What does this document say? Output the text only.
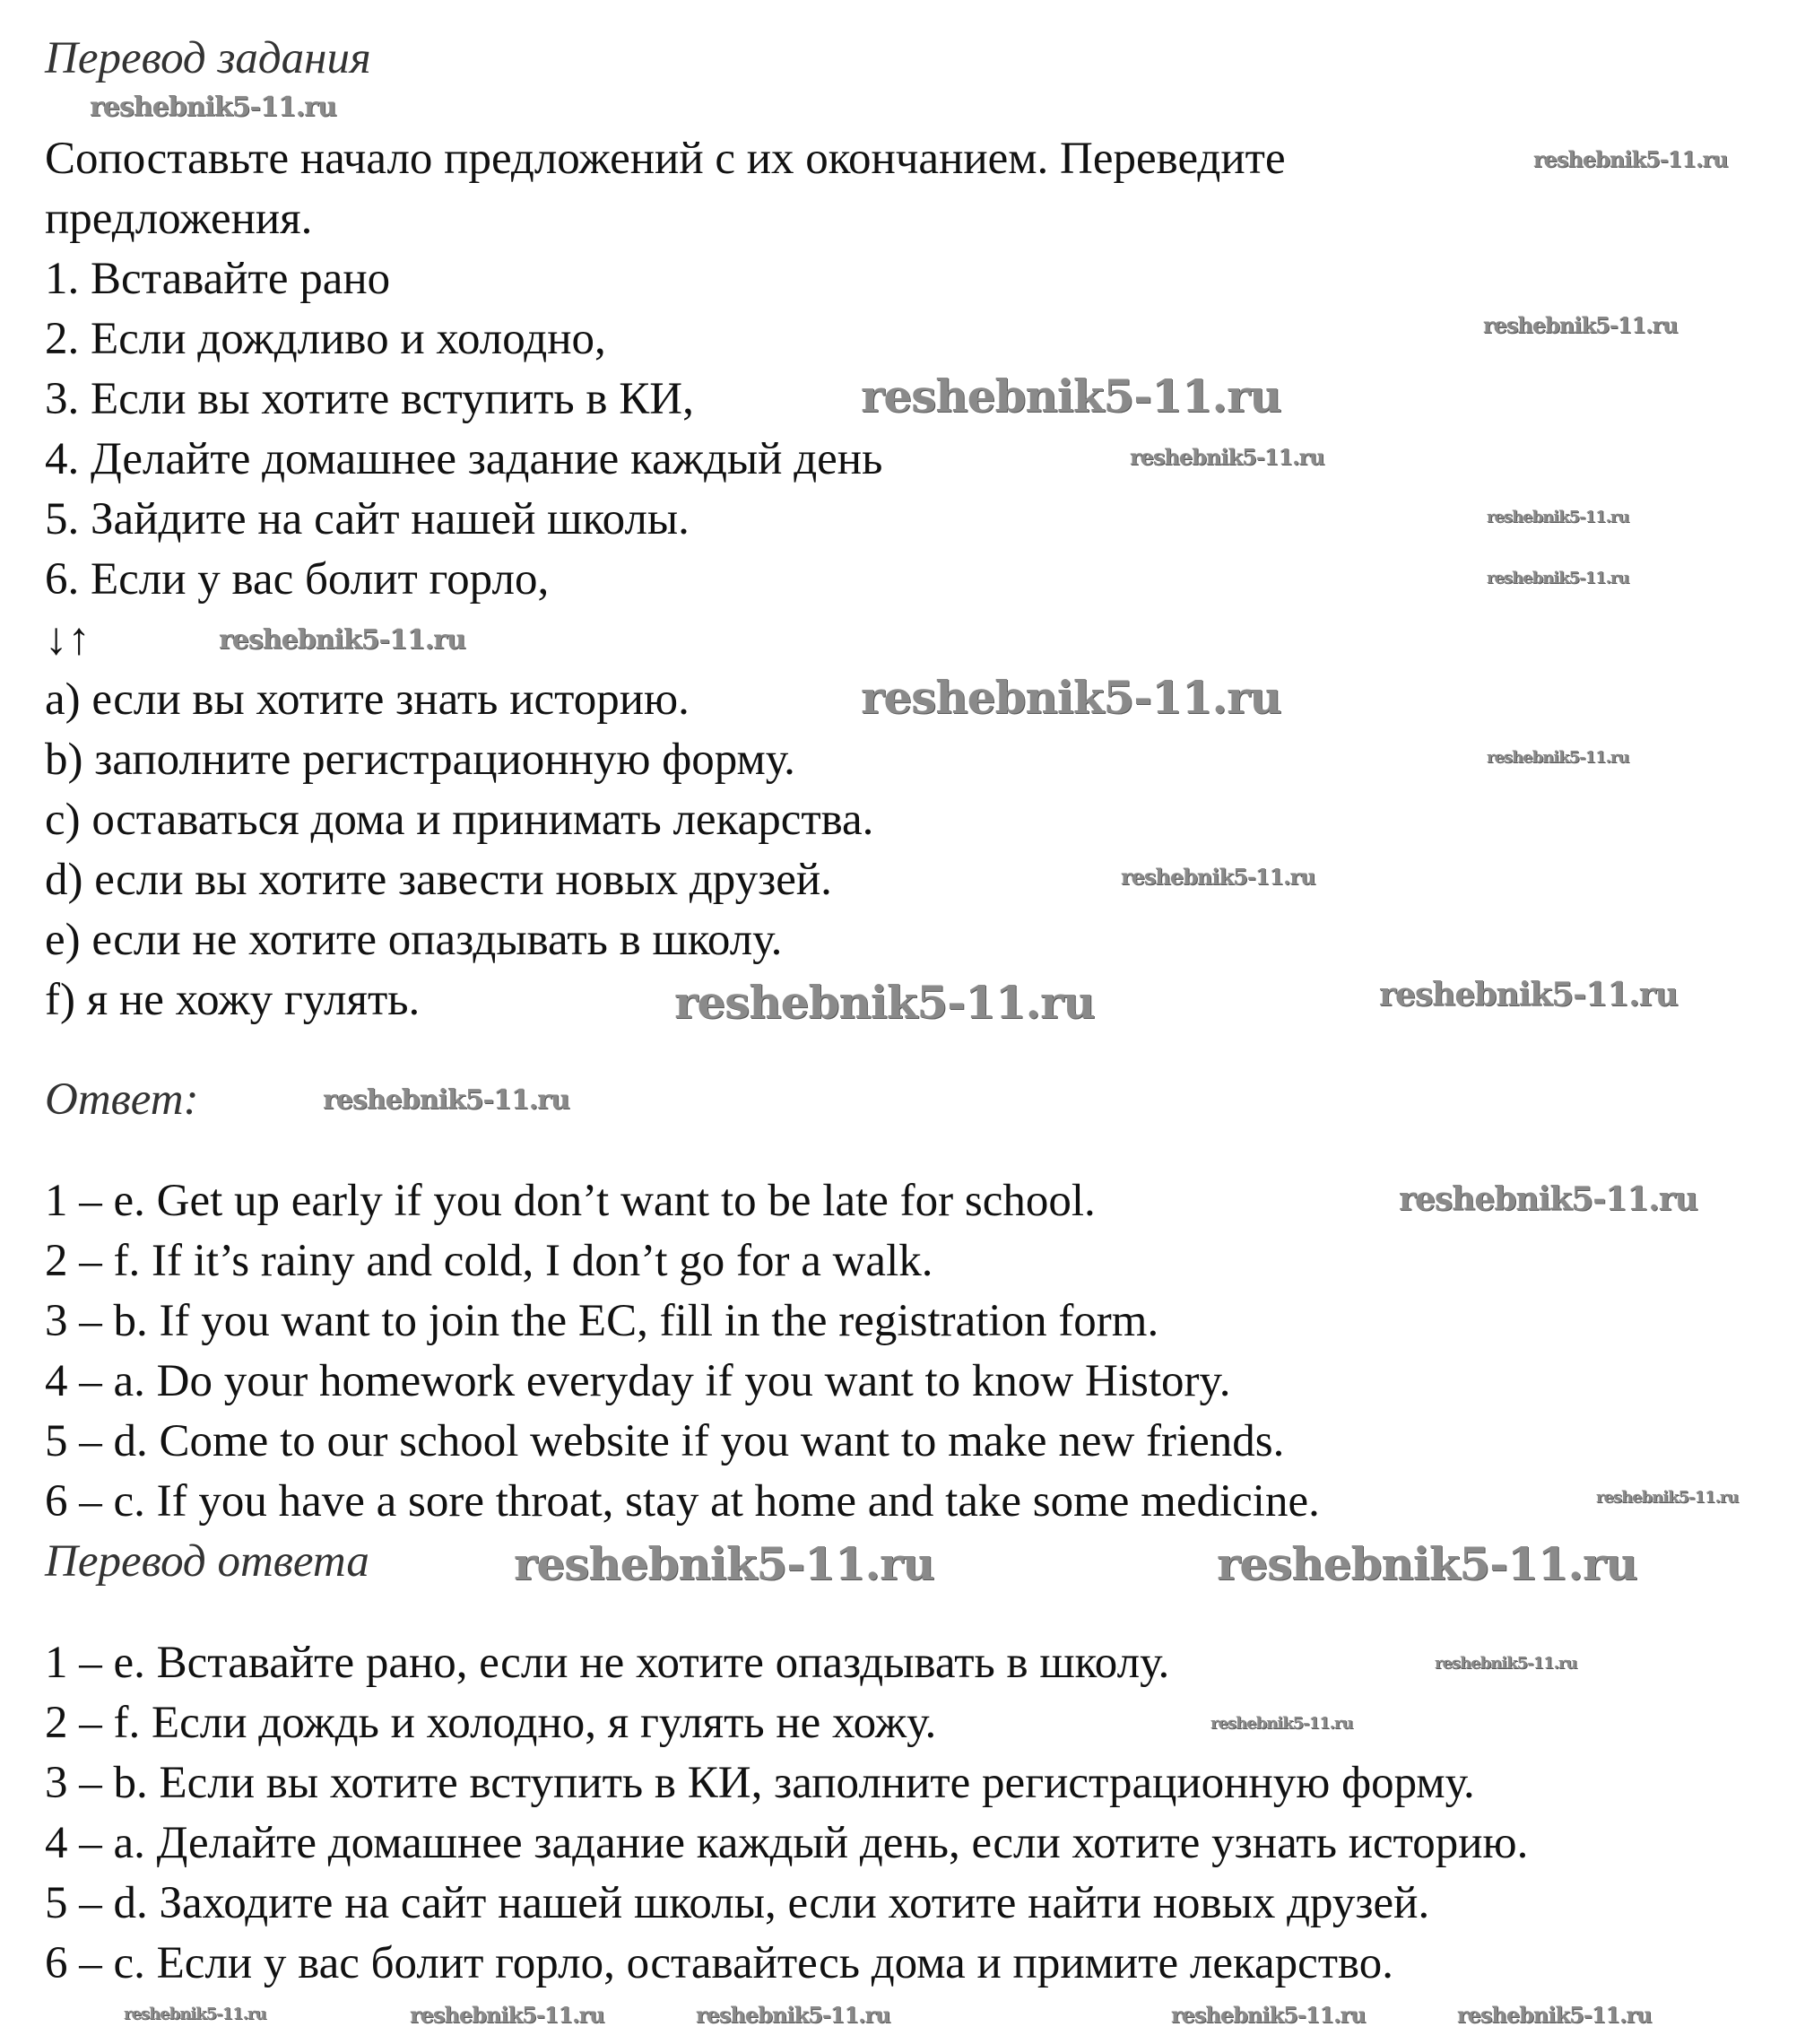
Перевод задания
Сопоставьте начало предложений с их окончанием. Переведите
предложения.
1. Вставайте рано
2. Если дождливо и холодно,
3. Если вы хотите вступить в КИ,
4. Делайте домашнее задание каждый день
5. Зайдите на сайт нашей школы.
6. Если у вас болит горло,
↓↑
a) если вы хотите знать историю.
b) заполните регистрационную форму.
c) оставаться дома и принимать лекарства.
d) если вы хотите завести новых друзей.
e) если не хотите опаздывать в школу.
f) я не хожу гулять.
Ответ:
1 – e. Get up early if you don’t want to be late for school.
2 – f. If it’s rainy and cold, I don’t go for a walk.
3 – b. If you want to join the EC, fill in the registration form.
4 – a. Do your homework everyday if you want to know History.
5 – d. Come to our school website if you want to make new friends.
6 – c. If you have a sore throat, stay at home and take some medicine.
Перевод ответа
1 – e. Вставайте рано, если не хотите опаздывать в школу.
2 – f. Если дождь и холодно, я гулять не хожу.
3 – b. Если вы хотите вступить в КИ, заполните регистрационную форму.
4 – a. Делайте домашнее задание каждый день, если хотите узнать историю.
5 – d. Заходите на сайт нашей школы, если хотите найти новых друзей.
6 – c. Если у вас болит горло, оставайтесь дома и примите лекарство.
reshebnik5-11.ru
reshebnik5-11.ru
reshebnik5-11.ru
reshebnik5-11.ru
reshebnik5-11.ru
reshebnik5-11.ru
reshebnik5-11.ru
reshebnik5-11.ru
reshebnik5-11.ru
reshebnik5-11.ru
reshebnik5-11.ru
reshebnik5-11.ru	reshebnik5-11.ru
reshebnik5-11.ru
reshebnik5-11.ru
reshebnik5-11.ru
reshebnik5-11.ru	reshebnik5-11.ru
reshebnik5-11.ru
reshebnik5-11.ru
reshebnik5-11.ru	reshebnik5-11.ru	reshebnik5-11.ru	reshebnik5-11.ru	reshebnik5-11.ru
